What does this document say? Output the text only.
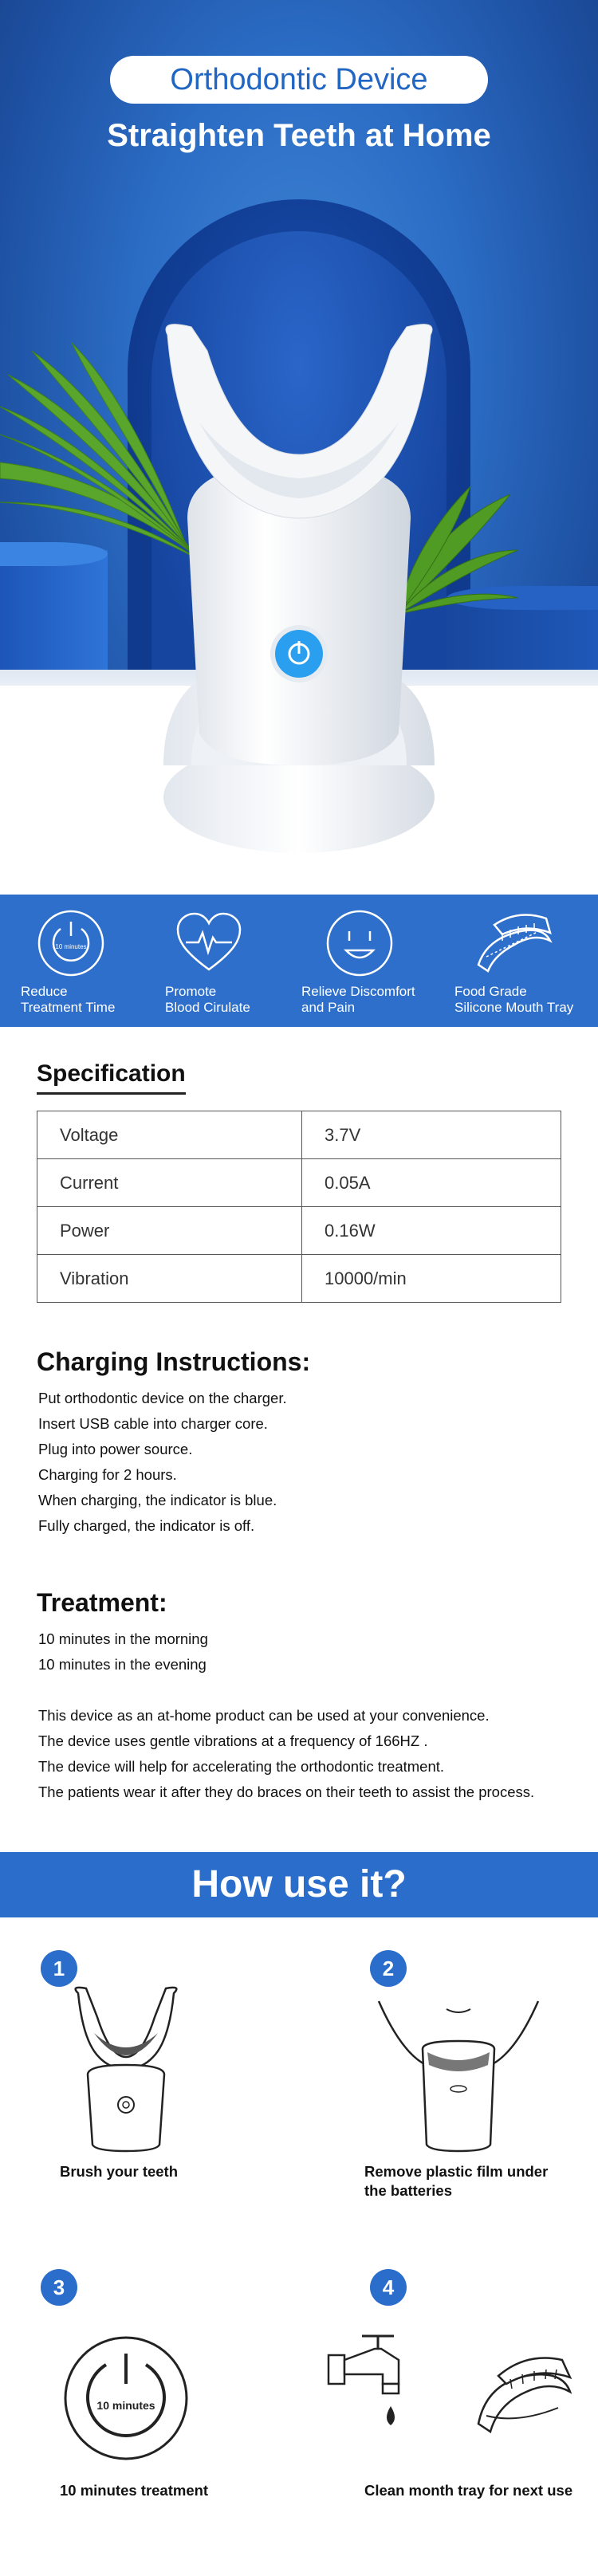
Orthodontic Device
Straighten Teeth at Home
10 minutes
Reduce
Treatment Time
Promote
Blood Cirulate
Relieve Discomfort
and Pain
Food Grade
Silicone Mouth Tray
Specification
Voltage	3.7V
Current	0.05A
Power	0.16W
Vibration	10000/min
Charging Instructions:
Put orthodontic device on the charger.
Insert USB cable into charger core.
Plug into power source.
Charging for 2 hours.
When charging, the indicator is blue.
Fully charged, the indicator is off.
Treatment:
10 minutes in the morning
10 minutes in the evening
This device as an at-home product can be used at your convenience.
The device uses gentle vibrations at a frequency of 166HZ .
The device will help for accelerating the orthodontic treatment.
The patients wear it after they do braces on their teeth to assist the process.
How use it?
1
Brush your teeth
2
Remove plastic film under
the batteries
3
10 minutes
10 minutes treatment
4
Clean month tray for next use
